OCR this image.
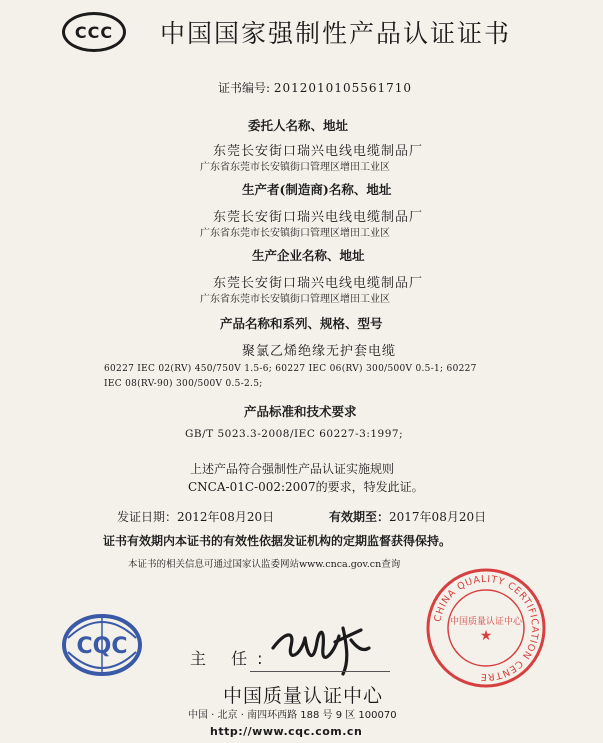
CCC 中国国家强制性产品认证证书
证书编号: 2012010105561710
委托人名称、地址
东莞长安街口瑞兴电线电缆制品厂
广东省东莞市长安镇街口管理区增田工业区
生产者(制造商)名称、地址
东莞长安街口瑞兴电线电缆制品厂
广东省东莞市长安镇街口管理区增田工业区
生产企业名称、地址
东莞长安街口瑞兴电线电缆制品厂
广东省东莞市长安镇街口管理区增田工业区
产品名称和系列、规格、型号
聚氯乙烯绝缘无护套电缆
60227 IEC 02(RV) 450/750V 1.5-6; 60227 IEC 06(RV) 300/500V 0.5-1; 60227
IEC 08(RV-90) 300/500V 0.5-2.5;
产品标准和技术要求
GB/T 5023.3-2008/IEC 60227-3:1997;
上述产品符合强制性产品认证实施规则
CNCA-01C-002:2007的要求，特发此证。
发证日期：2012年08月20日	有效期至：2017年08月20日
证书有效期内本证书的有效性依据发证机构的定期监督获得保持。
本证书的相关信息可通过国家认监委网站www.cnca.gov.cn查询
CQC	主 任:
中国质量认证中心
中国 · 北京 · 南四环西路 188 号 9 区 100070
http://www.cqc.com.cn
CHINA QUALITY CERTIFICATION CENTRE
中国质量认证中心
★
